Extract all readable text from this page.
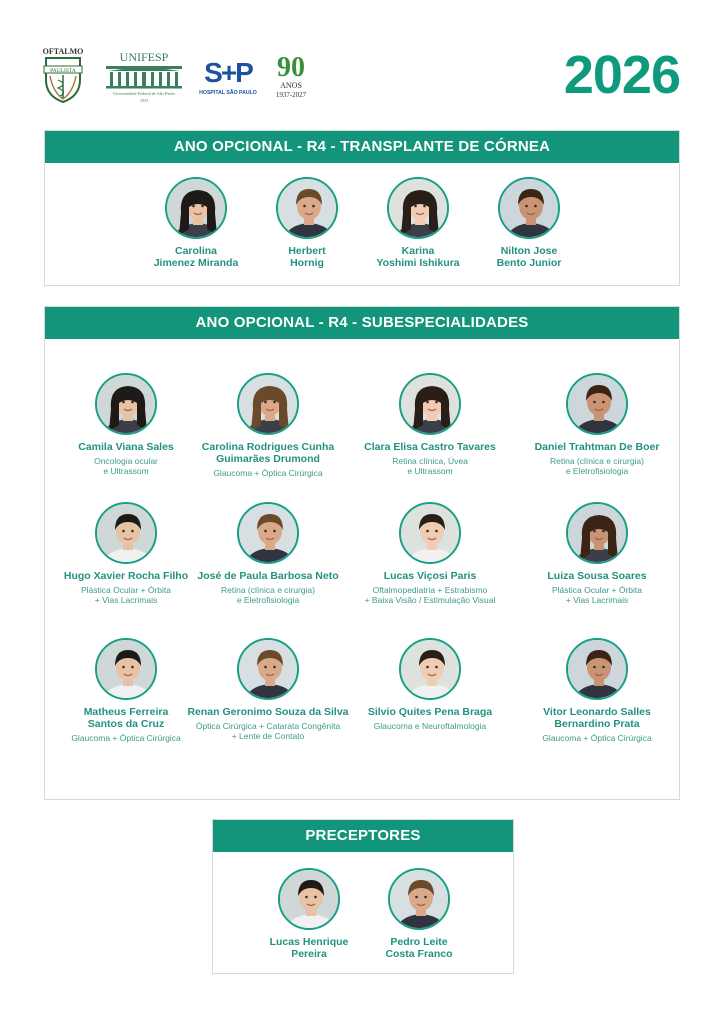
OFTALMO
PAULISTA
UNIFESP
Universidade Federal de São Paulo
1933
S+P
HOSPITAL SÃO PAULO
90
ANOS
1937-2027	2026
ANO OPCIONAL - R4 - TRANSPLANTE DE CÓRNEA
Carolina
Jimenez Miranda
Herbert
Hornig
Karina
Yoshimi Ishikura
Nilton Jose
Bento Junior
ANO OPCIONAL - R4 - SUBESPECIALIDADES
Camila Viana Sales
Oncologia ocular
e Ultrassom
Carolina Rodrigues Cunha
Guimarães Drumond
Glaucoma + Óptica Cirúrgica
Clara Elisa Castro Tavares
Retina clínica, Úvea
e Ultrassom
Daniel Trahtman De Boer
Retina (clínica e cirurgia)
e Eletrofisiologia
Hugo Xavier Rocha Filho
Plástica Ocular + Órbita
+ Vias Lacrimais
José de Paula Barbosa Neto
Retina (clínica e cirurgia)
e Eletrofisiologia
Lucas Viçosi Paris
Oftalmopediatria + Estrabismo
+ Baixa Visão / Estimulação Visual
Luiza Sousa Soares
Plástica Ocular + Órbita
+ Vias Lacrimais
Matheus Ferreira
Santos da Cruz
Glaucoma + Óptica Cirúrgica
Renan Geronimo Souza da Silva
Óptica Cirúrgica + Catarata Congênita
+ Lente de Contato
Silvio Quites Pena Braga
Glaucoma e Neuroftalmologia
Vitor Leonardo Salles
Bernardino Prata
Glaucoma + Óptica Cirúrgica
PRECEPTORES
Lucas Henrique
Pereira
Pedro Leite
Costa Franco
